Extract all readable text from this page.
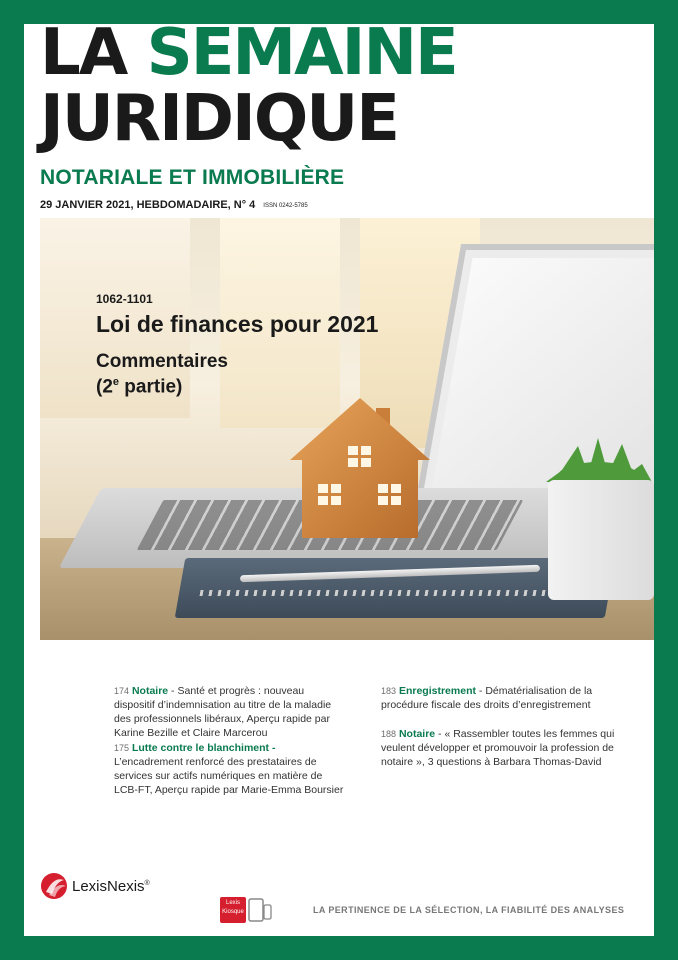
LA SEMAINE
JURIDIQUE
NOTARIALE ET IMMOBILIÈRE
29 JANVIER 2021, HEBDOMADAIRE, N° 4 ISSN 0242-5785
1062-1101
Loi de finances pour 2021
Commentaires
(2e partie)
174 Notaire - Santé et progrès : nouveau dispositif d’indemnisation au titre de la maladie des professionnels libéraux, Aperçu rapide par Karine Bezille et Claire Marcerou
175 Lutte contre le blanchiment - L’encadrement renforcé des prestataires de services sur actifs numériques en matière de LCB-FT, Aperçu rapide par Marie-Emma Boursier
183 Enregistrement - Dématérialisation de la procédure fiscale des droits d’enregistrement
188 Notaire - « Rassembler toutes les femmes qui veulent développer et promouvoir la profession de notaire », 3 questions à Barbara Thomas-David
LexisNexis®
Lexis
Kiosque	LA PERTINENCE DE LA SÉLECTION, LA FIABILITÉ DES ANALYSES
